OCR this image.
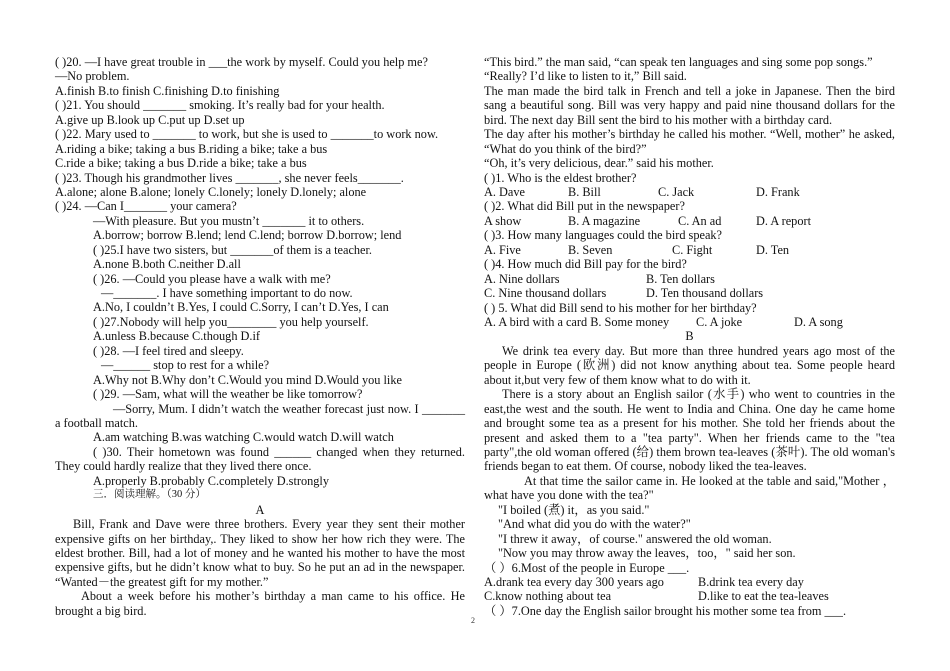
( )20. —I have great trouble in ___the work by myself. Could you help me?
—No problem.
A.finish B.to finish C.finishing D.to finishing
( )21. You should _______ smoking. It’s really bad for your health.
A.give up B.look up C.put up D.set up
( )22. Mary used to _______ to work, but she is used to _______to work now.
A.riding a bike; taking a bus B.riding a bike; take a bus
C.ride a bike; taking a bus D.ride a bike; take a bus
( )23. Though his grandmother lives _______, she never feels_______.
A.alone; alone B.alone; lonely C.lonely; lonely D.lonely; alone
( )24. —Can I_______ your camera?
—With pleasure. But you mustn’t _______ it to others.
A.borrow; borrow B.lend; lend C.lend; borrow D.borrow; lend
( )25.I have two sisters, but _______of them is a teacher.
A.none B.both C.neither D.all
( )26. —Could you please have a walk with me?
—_______. I have something important to do now.
A.No, I couldn’t B.Yes, I could C.Sorry, I can’t D.Yes, I can
( )27.Nobody will help you________ you help yourself.
A.unless B.because C.though D.if
( )28. —I feel tired and sleepy.
—______ stop to rest for a while?
A.Why not B.Why don’t C.Would you mind D.Would you like
( )29. —Sam, what will the weather be like tomorrow?
—Sorry, Mum. I didn’t watch the weather forecast just now. I _______ a football match.
A.am watching B.was watching C.would watch D.will watch
( )30. Their hometown was found ______ changed when they returned. They could hardly realize that they lived there once.
A.properly B.probably C.completely D.strongly
三．阅读理解。（30 分）
A
Bill, Frank and Dave were three brothers. Every year they sent their mother expensive gifts on her birthday,. They liked to show her how rich they were. The eldest brother. Bill, had a lot of money and he wanted his mother to have the most expensive gifts, but he didn’t know what to buy. So he put an ad in the newspaper. “Wanted－the greatest gift for my mother.”
About a week before his mother’s birthday a man came to his office. He brought a big bird.
“This bird.” the man said, “can speak ten languages and sing some pop songs.”
“Really? I’d like to listen to it,” Bill said.
The man made the bird talk in French and tell a joke in Japanese. Then the bird sang a beautiful song. Bill was very happy and paid nine thousand dollars for the bird. The next day Bill sent the bird to his mother with a birthday card.
The day after his mother’s birthday he called his mother. “Well, mother” he asked, “What do you think of the bird?”
“Oh, it’s very delicious, dear.” said his mother.
( )1. Who is the eldest brother?
A. Dave	B. Bill	C. Jack	D. Frank
( )2. What did Bill put in the newspaper?
A show	B. A magazine	C. An ad	D. A report
( )3. How many languages could the bird speak?
A. Five	B. Seven	C. Fight	D. Ten
( )4. How much did Bill pay for the bird?
A. Nine dollars	B. Ten dollars
C. Nine thousand dollars	D. Ten thousand dollars
( ) 5. What did Bill send to his mother for her birthday?
A. A bird with a card B. Some money	C. A joke	D. A song
B
We drink tea every day. But more than three hundred years ago most of the people in Europe (欧洲) did not know anything about tea. Some people heard about it,but very few of them know what to do with it.
There is a story about an English sailor (水手) who went to countries in the east,the west and the south. He went to India and China. One day he came home and brought some tea as a present for his mother. She told her friends about the present and asked them to a "tea party". When her friends came to the "tea party",the old woman offered (给) them brown tea-leaves (茶叶). The old woman's friends began to eat them. Of course, nobody liked the tea-leaves.
At that time the sailor came in. He looked at the table and said,"Mother ，what have you done with the tea?"
"I boiled (煮) it，as you said."
"And what did you do with the water?"
"I threw it away，of course." answered the old woman.
"Now you may throw away the leaves，too，" said her son.
（ ）6.Most of the people in Europe ___.
A.drank tea every day 300 years ago	B.drink tea every day
C.know nothing about tea	D.like to eat the tea-leaves
（ ）7.One day the English sailor brought his mother some tea from ___.
2
